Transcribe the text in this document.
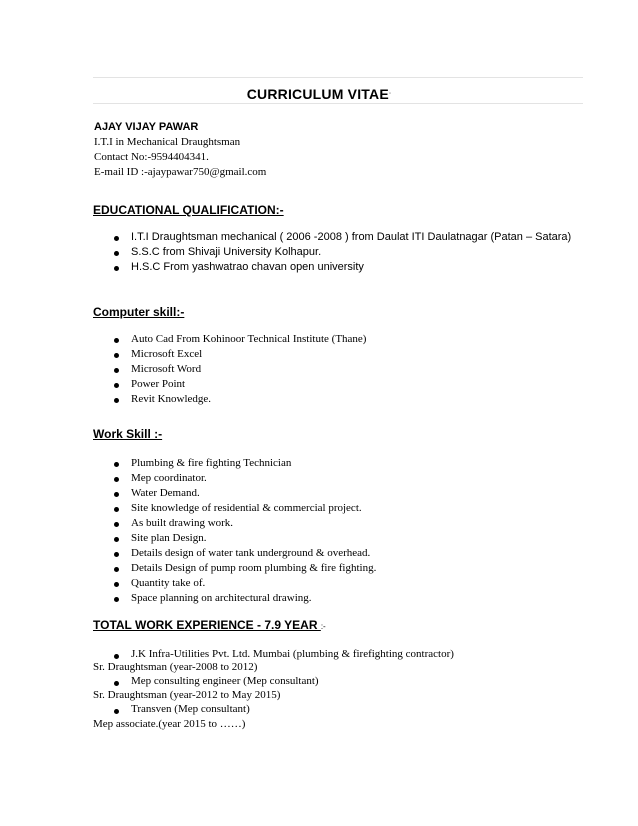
CURRICULUM VITAE.
AJAY VIJAY PAWAR
I.T.I in Mechanical Draughtsman
Contact No:-9594404341.
E-mail ID :-ajaypawar750@gmail.com
EDUCATIONAL QUALIFICATION:-
I.T.I Draughtsman mechanical ( 2006 -2008 ) from Daulat ITI Daulatnagar (Patan – Satara)
S.S.C from Shivaji University Kolhapur.
H.S.C From yashwatrao chavan open university
Computer skill:-
Auto Cad From Kohinoor Technical Institute (Thane)
Microsoft Excel
Microsoft Word
Power Point
Revit Knowledge.
Work Skill :-
Plumbing & fire fighting Technician
Mep coordinator.
Water Demand.
Site knowledge of residential & commercial project.
As built drawing work.
Site plan Design.
Details design of water tank underground & overhead.
Details Design of pump room plumbing & fire fighting.
Quantity take of.
Space planning on architectural drawing.
TOTAL WORK EXPERIENCE - 7.9 YEAR :-
J.K Infra-Utilities Pvt. Ltd. Mumbai (plumbing & firefighting contractor)
Sr. Draughtsman (year-2008 to 2012)
Mep consulting engineer (Mep consultant)
Sr. Draughtsman (year-2012 to May 2015)
Transven (Mep consultant)
Mep associate.(year 2015 to ……)
